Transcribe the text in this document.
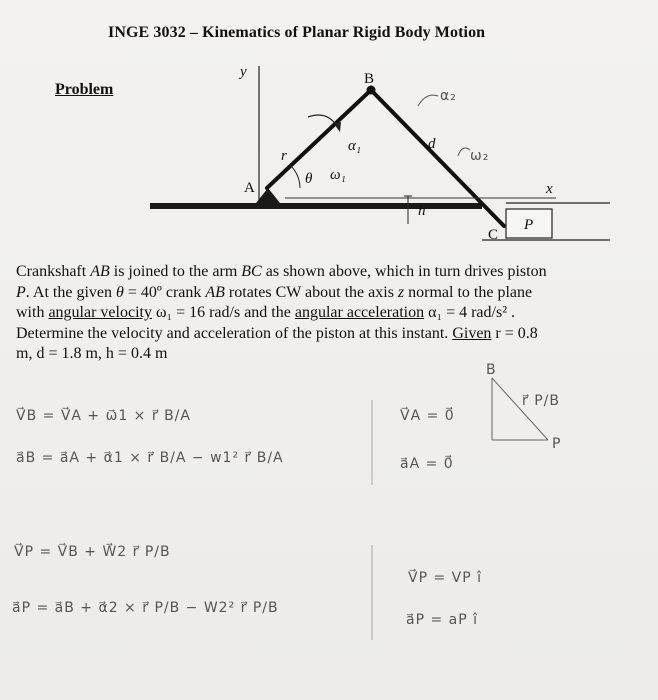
INGE 3032 – Kinematics of Planar Rigid Body Motion
Problem
y
A
B
x
P
C
h
r
d
θ ω₁
α₁
α₂
ω₂
Crankshaft AB is joined to the arm BC as shown above, which in turn drives piston
P. At the given θ = 40º crank AB rotates CW about the axis z normal to the plane
with angular velocity ω₁ = 16 rad/s and the angular acceleration α₁ = 4 rad/s² .
Determine the velocity and acceleration of the piston at this instant. Given r = 0.8
m, d = 1.8 m, h = 0.4 m
B
P
r⃗ P/B
V⃗B = V⃗A + ω⃗1 × r⃗ B/A
a⃗B = a⃗A + α⃗1 × r⃗ B/A − w1² r⃗ B/A
V⃗A = 0⃗
a⃗A = 0⃗
V⃗P = V⃗B + W⃗2 r⃗ P/B
a⃗P = a⃗B + α⃗2 × r⃗ P/B − W2² r⃗ P/B
V⃗P = VP î
a⃗P = aP î
